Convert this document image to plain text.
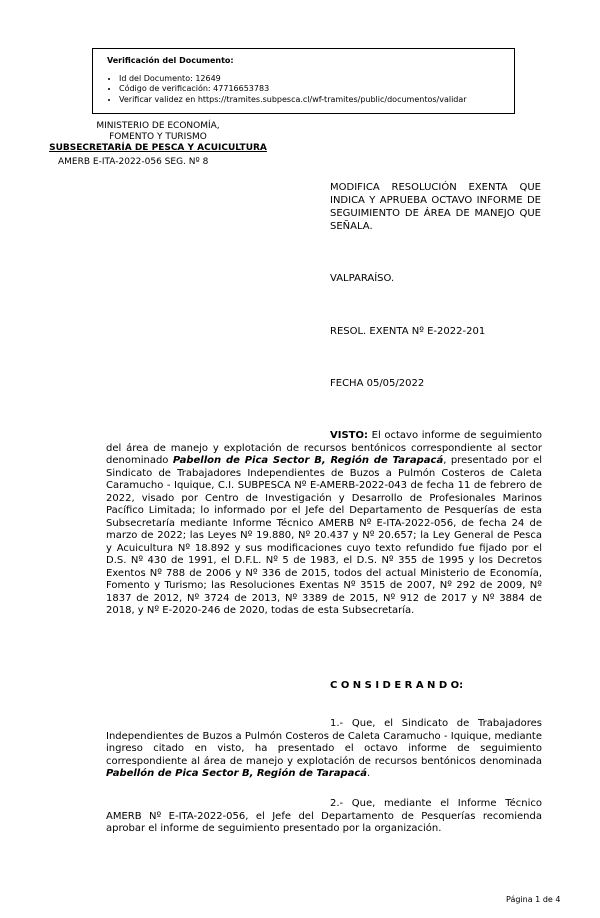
Verificación del Documento:
• Id del Documento: 12649
• Código de verificación: 47716653783
• Verificar validez en https://tramites.subpesca.cl/wf-tramites/public/documentos/validar
MINISTERIO DE ECONOMÍA,
FOMENTO Y TURISMO
SUBSECRETARÍA DE PESCA Y ACUICULTURA
AMERB E-ITA-2022-056 SEG. Nº 8
MODIFICA RESOLUCIÓN EXENTA QUE INDICA Y APRUEBA OCTAVO INFORME DE SEGUIMIENTO DE ÁREA DE MANEJO QUE SEÑALA.
VALPARAÍSO.
RESOL. EXENTA Nº E-2022-201
FECHA 05/05/2022
VISTO: El octavo informe de seguimiento del área de manejo y explotación de recursos bentónicos correspondiente al sector denominado Pabellon de Pica Sector B, Región de Tarapacá, presentado por el Sindicato de Trabajadores Independientes de Buzos a Pulmón Costeros de Caleta Caramucho - Iquique, C.I. SUBPESCA Nº E-AMERB-2022-043 de fecha 11 de febrero de 2022, visado por Centro de Investigación y Desarrollo de Profesionales Marinos Pacífico Limitada; lo informado por el Jefe del Departamento de Pesquerías de esta Subsecretaría mediante Informe Técnico AMERB Nº E-ITA-2022-056, de fecha 24 de marzo de 2022; las Leyes Nº 19.880, Nº 20.437 y Nº 20.657; la Ley General de Pesca y Acuicultura Nº 18.892 y sus modificaciones cuyo texto refundido fue fijado por el D.S. Nº 430 de 1991, el D.F.L. Nº 5 de 1983, el D.S. Nº 355 de 1995 y los Decretos Exentos Nº 788 de 2006 y Nº 336 de 2015, todos del actual Ministerio de Economía, Fomento y Turismo; las Resoluciones Exentas Nº 3515 de 2007, Nº 292 de 2009, Nº 1837 de 2012, Nº 3724 de 2013, Nº 3389 de 2015, Nº 912 de 2017 y Nº 3884 de 2018, y Nº E-2020-246 de 2020, todas de esta Subsecretaría.
C O N S I D E R A N D O:
1.- Que, el Sindicato de Trabajadores Independientes de Buzos a Pulmón Costeros de Caleta Caramucho - Iquique, mediante ingreso citado en visto, ha presentado el octavo informe de seguimiento correspondiente al área de manejo y explotación de recursos bentónicos denominada Pabellón de Pica Sector B, Región de Tarapacá.
2.- Que, mediante el Informe Técnico AMERB Nº E-ITA-2022-056, el Jefe del Departamento de Pesquerías recomienda aprobar el informe de seguimiento presentado por la organización.
Página 1 de 4
